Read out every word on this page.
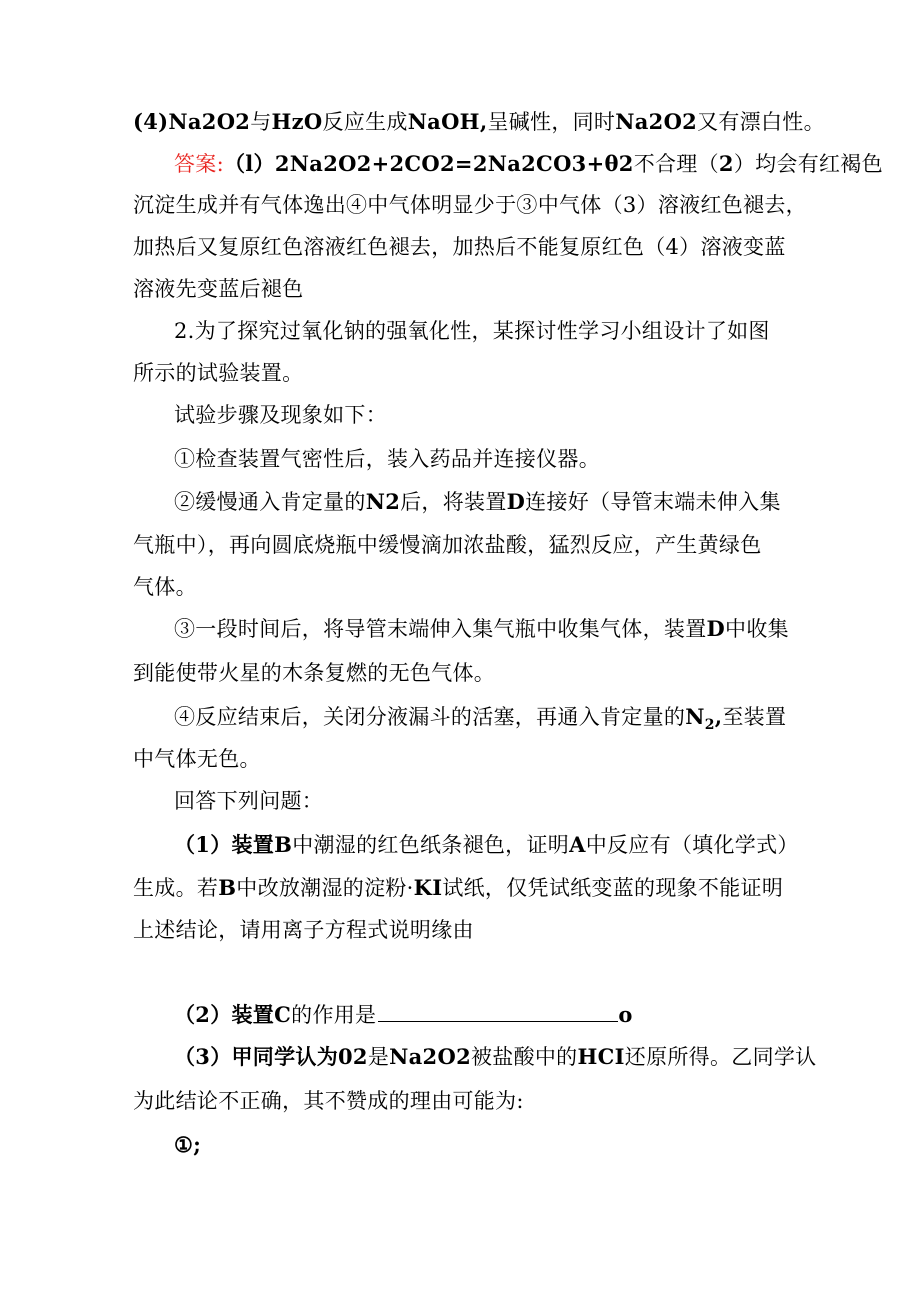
(4)Na2O2与HzO反应生成NaOH,呈碱性，同时Na2O2又有漂白性。
答案:（l）2Na2O2+2CO2=2Na2CO3+θ2不合理（2）均会有红褐色
沉淀生成并有气体逸出④中气体明显少于③中气体（3）溶液红色褪去，
加热后又复原红色溶液红色褪去，加热后不能复原红色（4）溶液变蓝
溶液先变蓝后褪色
2.为了探究过氧化钠的强氧化性，某探讨性学习小组设计了如图
所示的试验装置。
试验步骤及现象如下：
①检查装置气密性后，装入药品并连接仪器。
②缓慢通入肯定量的N2后，将装置D连接好（导管末端未伸入集
气瓶中），再向圆底烧瓶中缓慢滴加浓盐酸，猛烈反应，产生黄绿色
气体。
③一段时间后，将导管末端伸入集气瓶中收集气体，装置D中收集
到能使带火星的木条复燃的无色气体。
④反应结束后，关闭分液漏斗的活塞，再通入肯定量的$N_2$,至装置
中气体无色。
回答下列问题：
（1）装置B中潮湿的红色纸条褪色，证明A中反应有（填化学式）
生成。若B中改放潮湿的淀粉·KI试纸，仅凭试纸变蓝的现象不能证明
上述结论，请用离子方程式说明缘由
（2）装置C的作用是	o
（3）甲同学认为02是Na2O2被盐酸中的HCI还原所得。乙同学认
为此结论不正确，其不赞成的理由可能为:
①;
